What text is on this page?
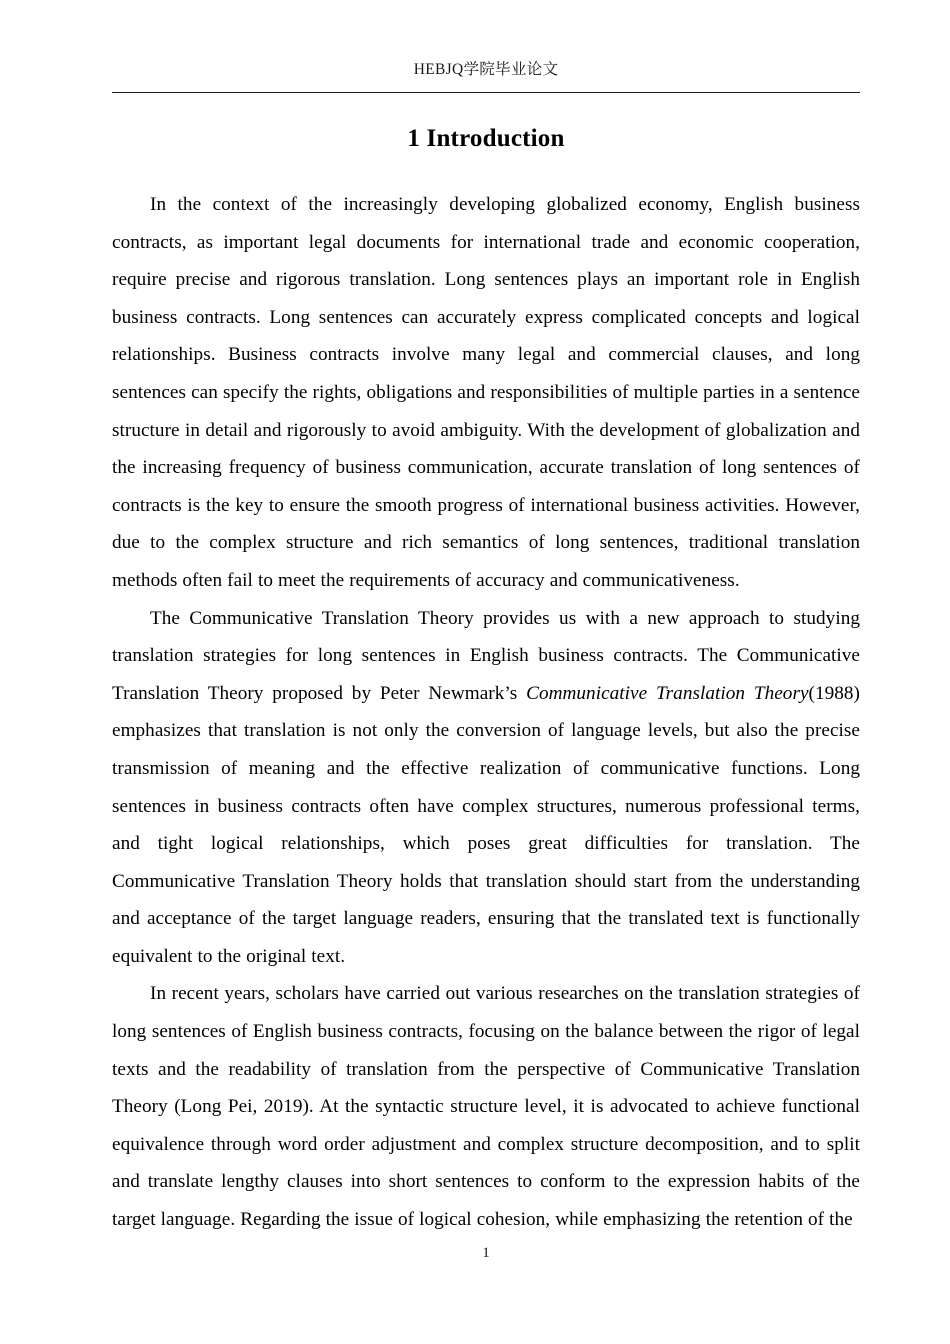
HEBJQ学院毕业论文
1 Introduction

In the context of the increasingly developing globalized economy, English business contracts, as important legal documents for international trade and economic cooperation, require precise and rigorous translation. Long sentences plays an important role in English business contracts. Long sentences can accurately express complicated concepts and logical relationships. Business contracts involve many legal and commercial clauses, and long sentences can specify the rights, obligations and responsibilities of multiple parties in a sentence structure in detail and rigorously to avoid ambiguity. With the development of globalization and the increasing frequency of business communication, accurate translation of long sentences of contracts is the key to ensure the smooth progress of international business activities. However, due to the complex structure and rich semantics of long sentences, traditional translation methods often fail to meet the requirements of accuracy and communicativeness.

The Communicative Translation Theory provides us with a new approach to studying translation strategies for long sentences in English business contracts. The Communicative Translation Theory proposed by Peter Newmark’s Communicative Translation Theory(1988) emphasizes that translation is not only the conversion of language levels, but also the precise transmission of meaning and the effective realization of communicative functions. Long sentences in business contracts often have complex structures, numerous professional terms, and tight logical relationships, which poses great difficulties for translation. The Communicative Translation Theory holds that translation should start from the understanding and acceptance of the target language readers, ensuring that the translated text is functionally equivalent to the original text.

In recent years, scholars have carried out various researches on the translation strategies of long sentences of English business contracts, focusing on the balance between the rigor of legal texts and the readability of translation from the perspective of Communicative Translation Theory (Long Pei, 2019). At the syntactic structure level, it is advocated to achieve functional equivalence through word order adjustment and complex structure decomposition, and to split and translate lengthy clauses into short sentences to conform to the expression habits of the target language. Regarding the issue of logical cohesion, while emphasizing the retention of the

1
